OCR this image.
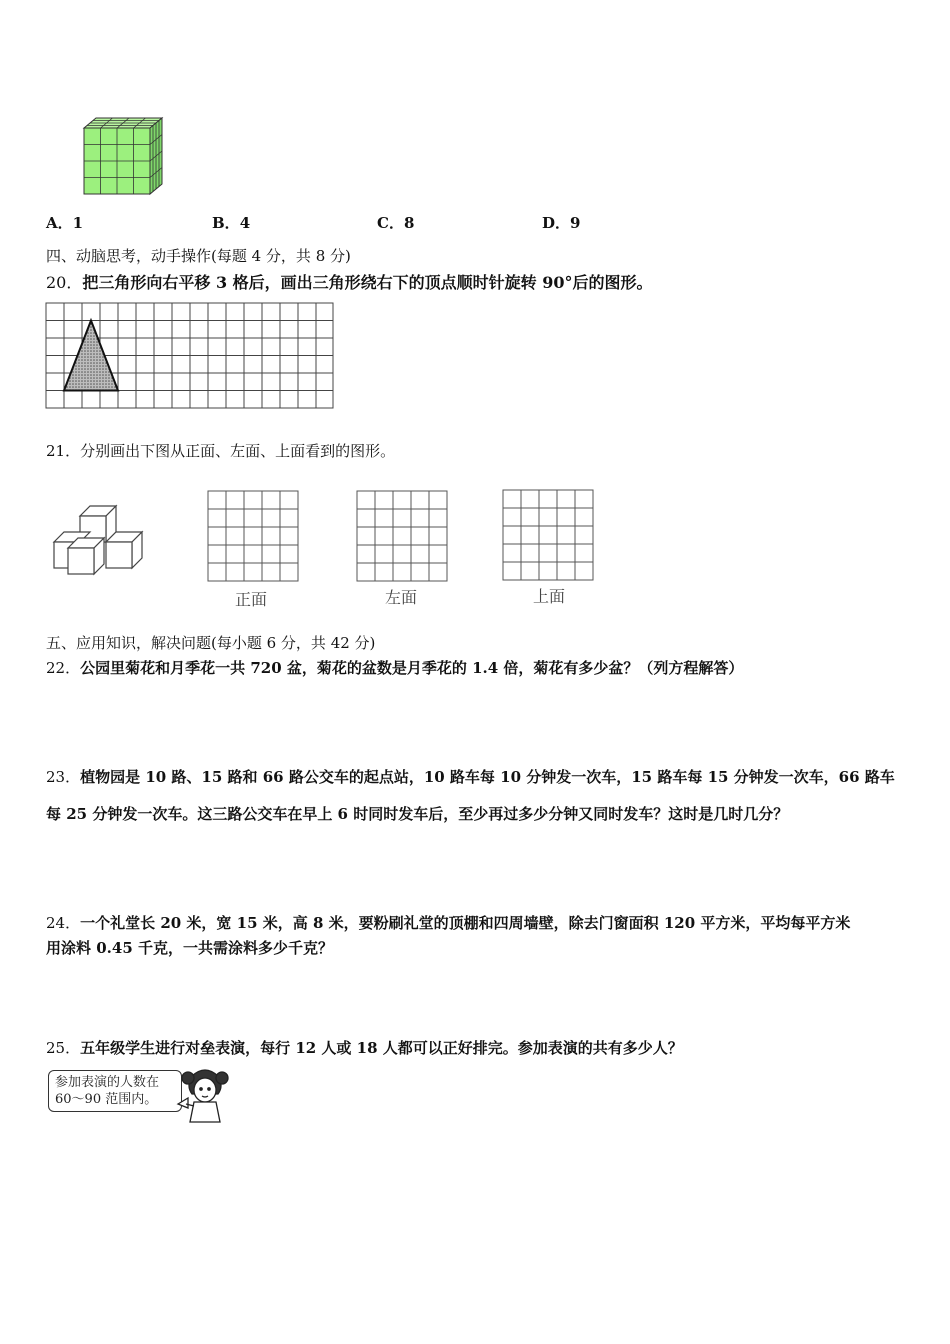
A．1	B．4	C．8	D．9
四、动脑思考，动手操作(每题 4 分，共 8 分)
20．把三角形向右平移 3 格后，画出三角形绕右下的顶点顺时针旋转 90°后的图形。
21．分别画出下图从正面、左面、上面看到的图形。
正面	左面	上面
五、应用知识，解决问题(每小题 6 分，共 42 分)
22．公园里菊花和月季花一共 720 盆，菊花的盆数是月季花的 1.4 倍，菊花有多少盆？（列方程解答）
23．植物园是 10 路、15 路和 66 路公交车的起点站，10 路车每 10 分钟发一次车，15 路车每 15 分钟发一次车，66 路车
每 25 分钟发一次车。这三路公交车在早上 6 时同时发车后，至少再过多少分钟又同时发车？这时是几时几分？
24．一个礼堂长 20 米，宽 15 米，高 8 米，要粉刷礼堂的顶棚和四周墙壁，除去门窗面积 120 平方米，平均每平方米
用涂料 0.45 千克，一共需涂料多少千克？
25．五年级学生进行对垒表演，每行 12 人或 18 人都可以正好排完。参加表演的共有多少人？
参加表演的人数在
60～90 范围内。
